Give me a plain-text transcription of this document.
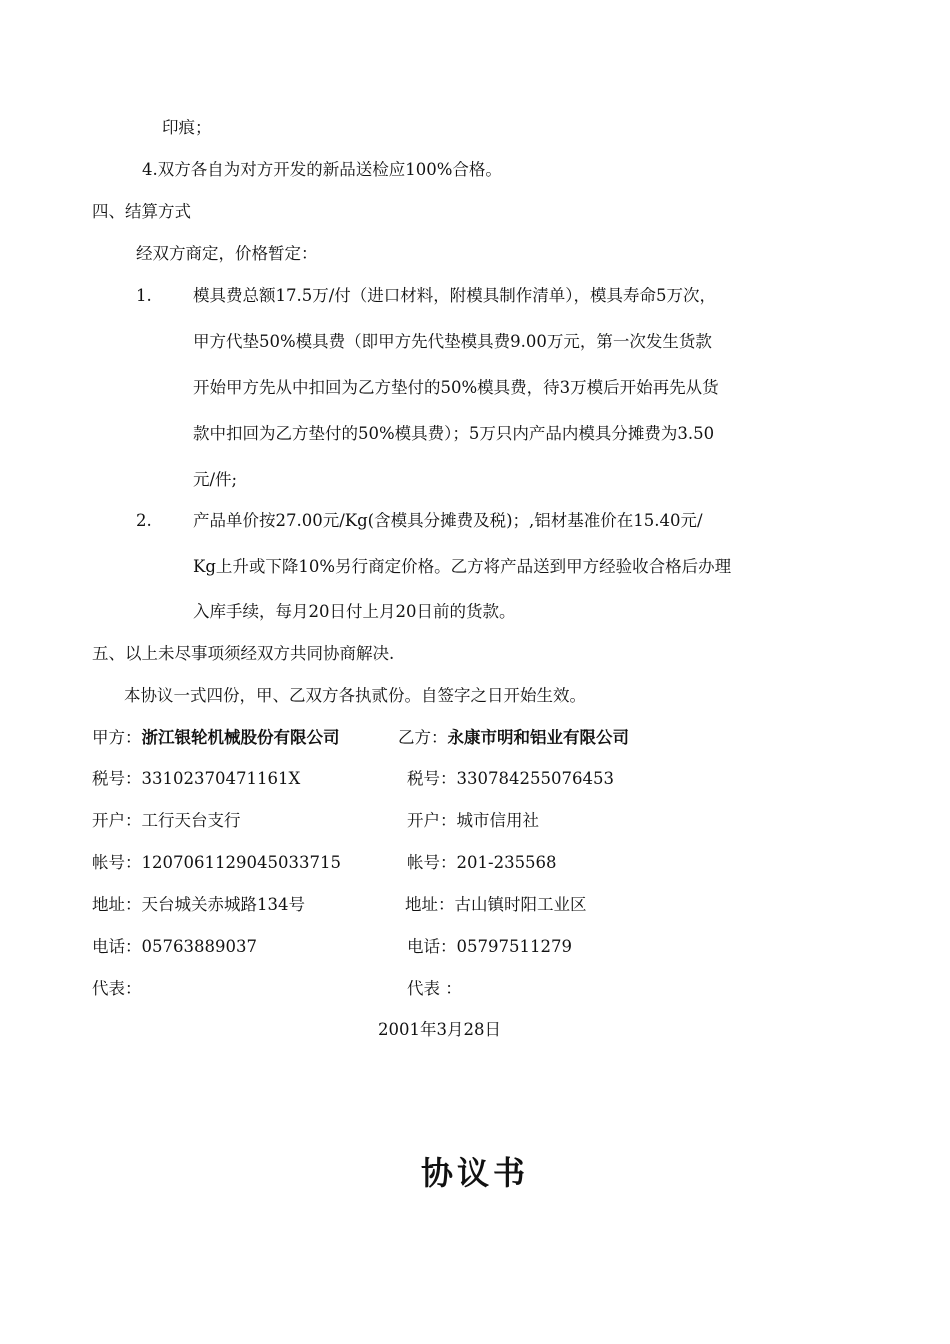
印痕；
4.双方各自为对方开发的新品送检应100%合格。
四、结算方式
经双方商定，价格暂定：
1.	模具费总额17.5万/付（进口材料，附模具制作清单），模具寿命5万次，
甲方代垫50%模具费（即甲方先代垫模具费9.00万元，第一次发生货款
开始甲方先从中扣回为乙方垫付的50%模具费，待3万模后开始再先从货
款中扣回为乙方垫付的50%模具费）；5万只内产品内模具分摊费为3.50
元/件;
2.	产品单价按27.00元/Kg(含模具分摊费及税)；,铝材基准价在15.40元/
Kg上升或下降10%另行商定价格。乙方将产品送到甲方经验收合格后办理
入库手续，每月20日付上月20日前的货款。
五、以上未尽事项须经双方共同协商解决.
本协议一式四份，甲、乙双方各执贰份。自签字之日开始生效。
甲方：浙江银轮机械股份有限公司	乙方：永康市明和铝业有限公司
税号：33102370471161X	税号：330784255076453
开户：工行天台支行	开户：城市信用社
帐号：1207061129045033715	帐号：201-235568
地址：天台城关赤城路134号	地址：古山镇时阳工业区
电话：05763889037	电话：05797511279
代表：	代表 ：
2001年3月28日
协议书
